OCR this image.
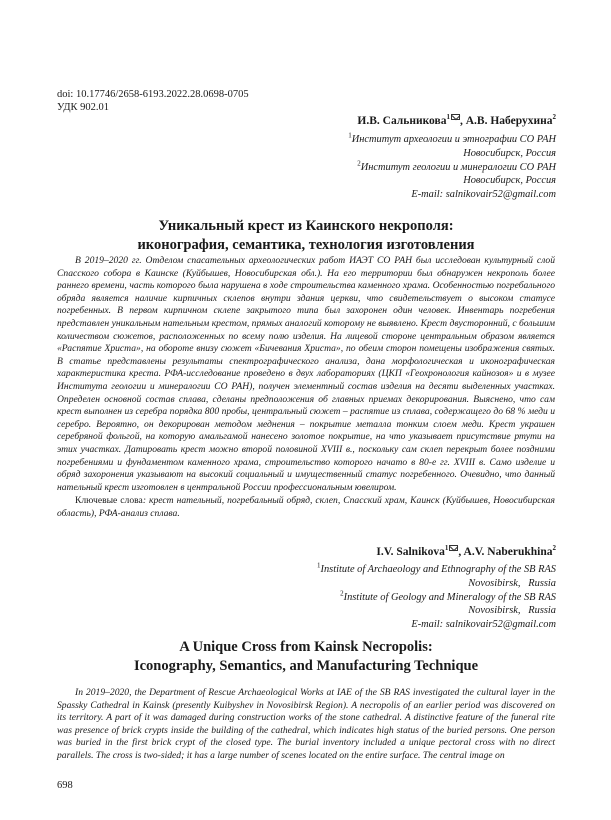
doi: 10.17746/2658-6193.2022.28.0698-0705
УДК 902.01
И.В. Сальникова$^1$ , А.В. Наберухина$^2$
$^1$Институт археологии и этнографии СО РАН
Новосибирск, Россия
$^2$Институт геологии и минералогии СО РАН
Новосибирск, Россия
E-mail: salnikovair52@gmail.com
Уникальный крест из Каинского некрополя:
иконография, семантика, технология изготовления
В 2019–2020 гг. Отделом спасательных археологических работ ИАЭТ СО РАН был исследован культурный слой Спасского собора в Каинске (Куйбышев, Новосибирская обл.). На его территории был обнаружен некрополь более раннего времени, часть которого была нарушена в ходе строительства каменного храма. Особенностью погребального обряда является наличие кирпичных склепов внутри здания церкви, что свидетельствует о высоком статусе погребенных. В первом кирпичном склепе закрытого типа был захоронен один человек. Инвентарь погребения представлен уникальным нательным крестом, прямых аналогий которому не выявлено. Крест двусторонний, с большим количеством сюжетов, расположенных по всему полю изделия. На лицевой стороне центральным образом является «Распятие Христа», на обороте внизу сюжет «Бичевания Христа», по обеим сторон помещены изображения святых. В статье представлены результаты спектрографического анализа, дана морфологическая и иконографическая характеристика креста. РФА-исследование проведено в двух лабораториях (ЦКП «Геохронология кайнозоя» и в музее Института геологии и минералогии СО РАН), получен элементный состав изделия на десяти выделенных участках. Определен основной состав сплава, сделаны предположения об главных приемах декорирования. Выяснено, что сам крест выполнен из серебра порядка 800 пробы, центральный сюжет – распятие из сплава, содержащего до 68 % меди и серебро. Вероятно, он декорирован методом меднения – покрытие металла тонким слоем меди. Крест украшен серебряной фольгой, на которую амальгамой нанесено золотое покрытие, на что указывает присутствие ртути на этих участках. Датировать крест можно второй половиной XVIII в., поскольку сам склеп перекрыт более поздними погребениями и фундаментом каменного храма, строительство которого начато в 80-е гг. XVIII в. Само изделие и обряд захоронения указывают на высокий социальный и имущественный статус погребенного. Очевидно, что данный нательный крест изготовлен в центральной России профессиональным ювелиром.
Ключевые слова: крест нательный, погребальный обряд, склеп, Спасский храм, Каинск (Куйбышев, Новосибирская область), РФА-анализ сплава.
I.V. Salnikova$^1$ , A.V. Naberukhina$^2$
$^1$Institute of Archaeology and Ethnography of the SB RAS
Novosibirsk,   Russia
$^2$Institute of Geology and Mineralogy of the SB RAS
Novosibirsk,   Russia
E-mail: salnikovair52@gmail.com
A Unique Cross from Kainsk Necropolis:
Iconography, Semantics, and Manufacturing Technique
In 2019–2020, the Department of Rescue Archaeological Works at IAE of the SB RAS investigated the cultural layer in the Spassky Cathedral in Kainsk (presently Kuibyshev in Novosibirsk Region). A necropolis of an earlier period was discovered on its territory. A part of it was damaged during construction works of the stone cathedral. A distinctive feature of the funeral rite was presence of brick crypts inside the building of the cathedral, which indicates high status of the buried persons. One person was buried in the first brick crypt of the closed type. The burial inventory included a unique pectoral cross with no direct parallels. The cross is two-sided; it has a large number of scenes located on the entire surface. The central image on
698
